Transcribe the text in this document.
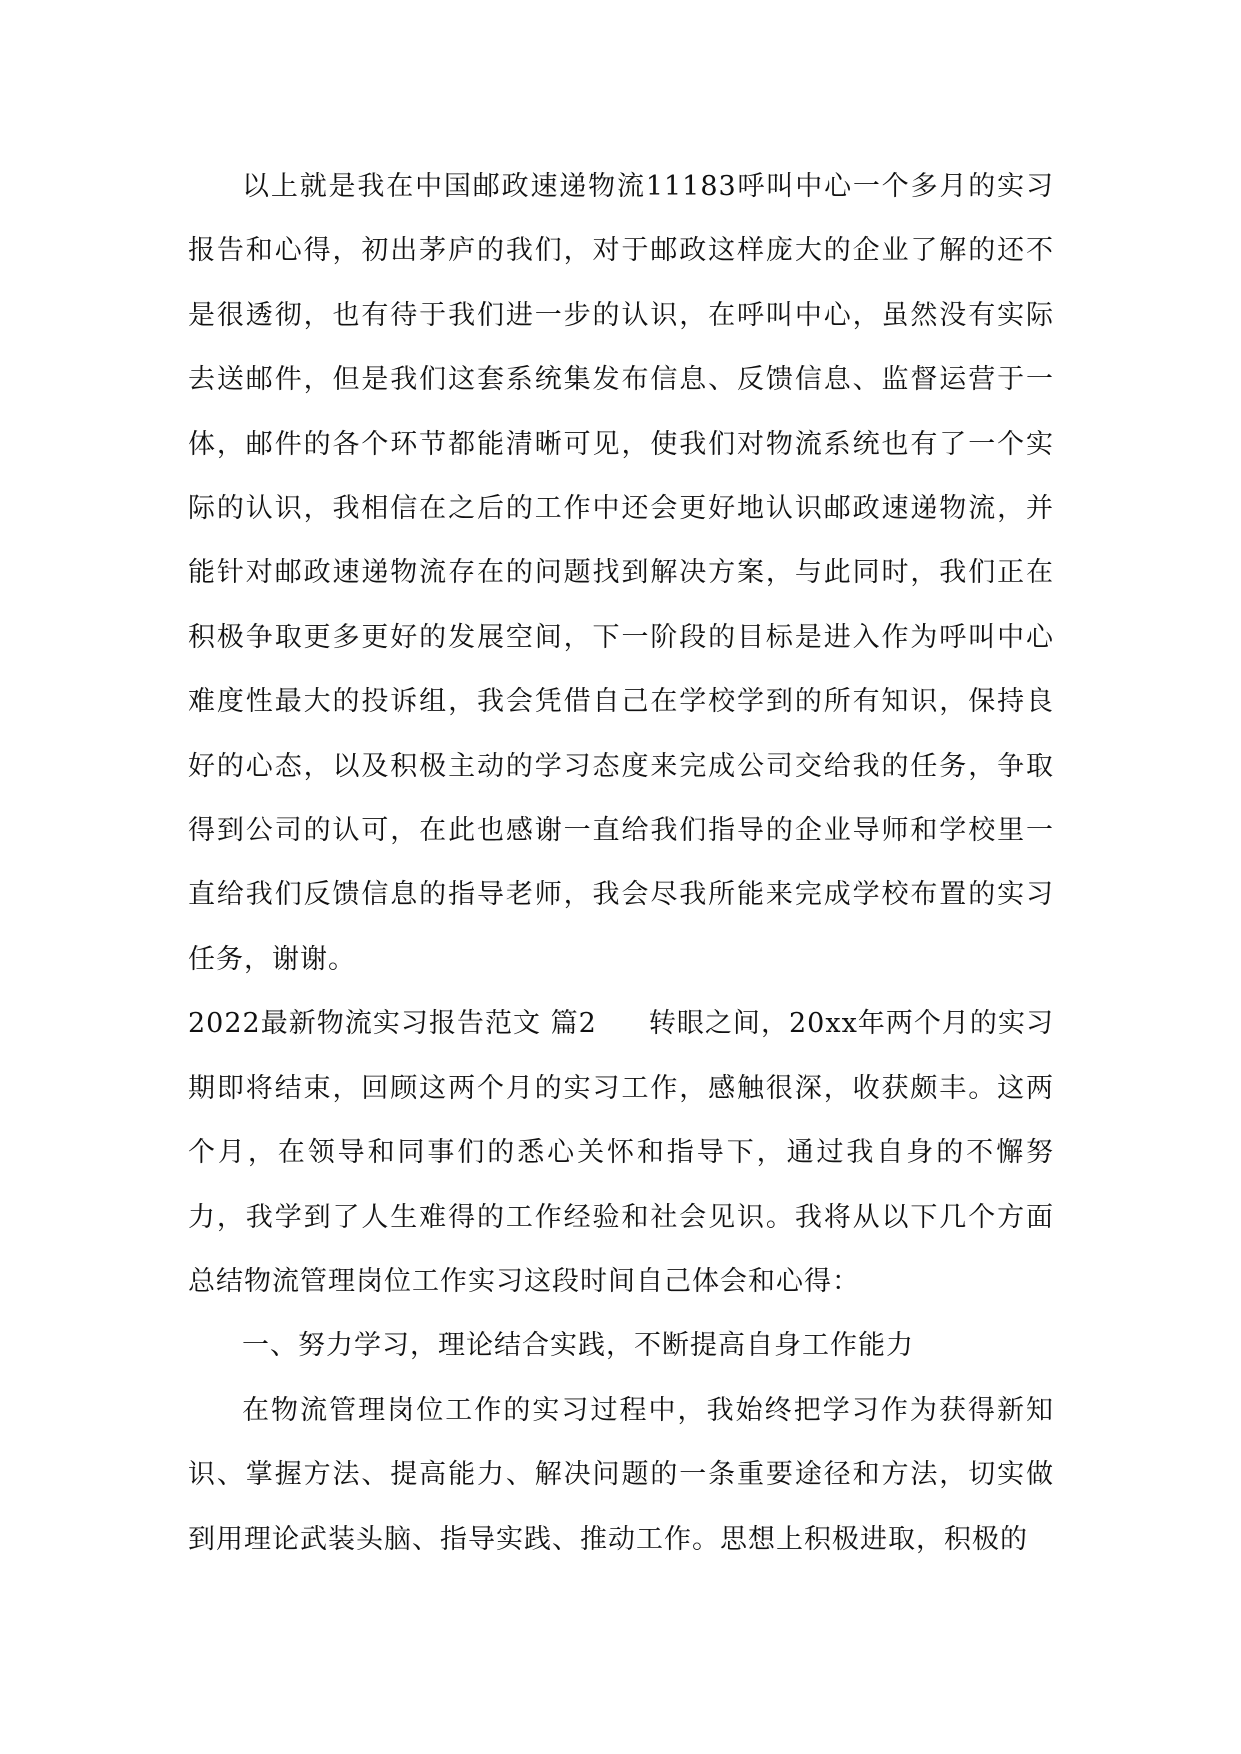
以上就是我在中国邮政速递物流11183呼叫中心一个多月的实习报告和心得，初出茅庐的我们，对于邮政这样庞大的企业了解的还不是很透彻，也有待于我们进一步的认识，在呼叫中心，虽然没有实际去送邮件，但是我们这套系统集发布信息、反馈信息、监督运营于一体，邮件的各个环节都能清晰可见，使我们对物流系统也有了一个实际的认识，我相信在之后的工作中还会更好地认识邮政速递物流，并能针对邮政速递物流存在的问题找到解决方案，与此同时，我们正在积极争取更多更好的发展空间，下一阶段的目标是进入作为呼叫中心难度性最大的投诉组，我会凭借自己在学校学到的所有知识，保持良好的心态，以及积极主动的学习态度来完成公司交给我的任务，争取得到公司的认可，在此也感谢一直给我们指导的企业导师和学校里一直给我们反馈信息的指导老师，我会尽我所能来完成学校布置的实习任务，谢谢。

2022最新物流实习报告范文 篇2 转眼之间，20xx年两个月的实习期即将结束，回顾这两个月的实习工作，感触很深，收获颇丰。这两个月，在领导和同事们的悉心关怀和指导下，通过我自身的不懈努力，我学到了人生难得的工作经验和社会见识。我将从以下几个方面总结物流管理岗位工作实习这段时间自己体会和心得：

一、努力学习，理论结合实践，不断提高自身工作能力

在物流管理岗位工作的实习过程中，我始终把学习作为获得新知识、掌握方法、提高能力、解决问题的一条重要途径和方法，切实做到用理论武装头脑、指导实践、推动工作。思想上积极进取，积极的
